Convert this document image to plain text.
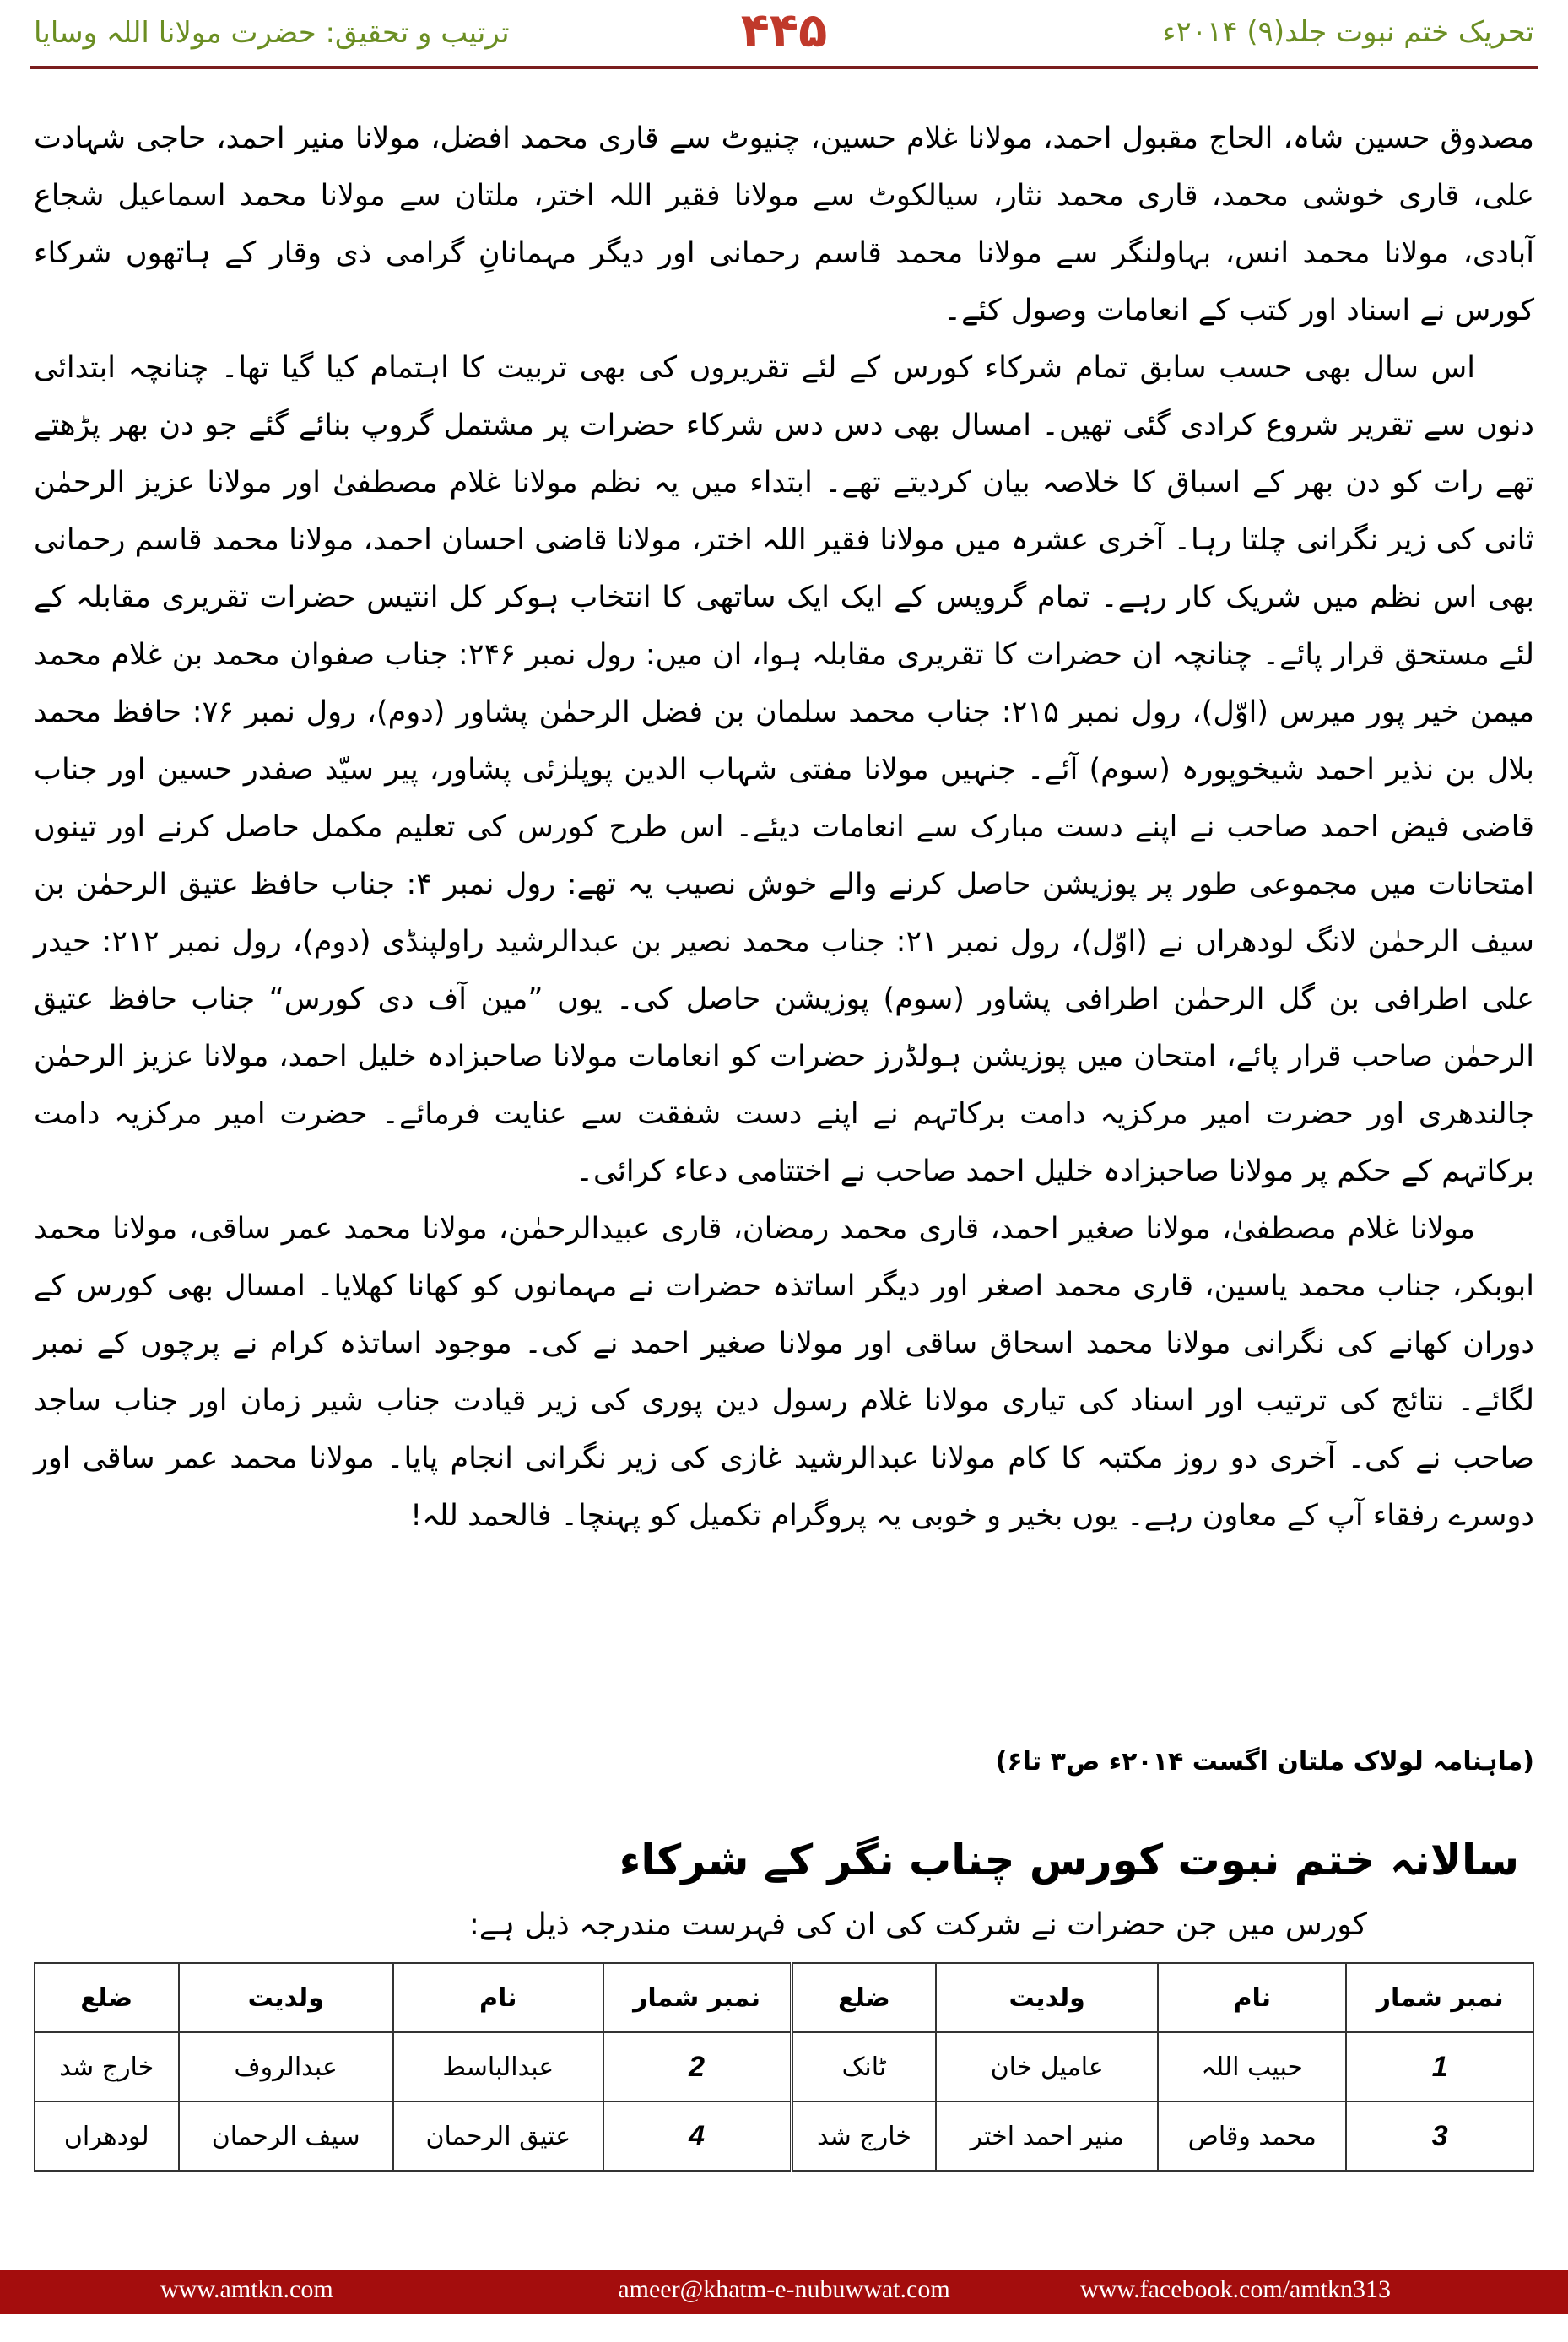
تحریک ختم نبوت جلد(۹) ۲۰۱۴ء
۴۴۵
ترتیب و تحقیق: حضرت مولانا اللہ وسایا

مصدوق حسین شاہ، الحاج مقبول احمد، مولانا غلام حسین، چنیوٹ سے قاری محمد افضل، مولانا منیر احمد، حاجی شہادت علی، قاری خوشی محمد، قاری محمد نثار، سیالکوٹ سے مولانا فقیر اللہ اختر، ملتان سے مولانا محمد اسماعیل شجاع آبادی، مولانا محمد انس، بہاولنگر سے مولانا محمد قاسم رحمانی اور دیگر مہمانانِ گرامی ذی وقار کے ہاتھوں شرکاء کورس نے اسناد اور کتب کے انعامات وصول کئے۔

اس سال بھی حسب سابق تمام شرکاء کورس کے لئے تقریروں کی بھی تربیت کا اہتمام کیا گیا تھا۔ چنانچہ ابتدائی دنوں سے تقریر شروع کرادی گئی تھیں۔ امسال بھی دس دس شرکاء حضرات پر مشتمل گروپ بنائے گئے جو دن بھر پڑھتے تھے رات کو دن بھر کے اسباق کا خلاصہ بیان کردیتے تھے۔ ابتداء میں یہ نظم مولانا غلام مصطفیٰ اور مولانا عزیز الرحمٰن ثانی کی زیر نگرانی چلتا رہا۔ آخری عشرہ میں مولانا فقیر اللہ اختر، مولانا قاضی احسان احمد، مولانا محمد قاسم رحمانی بھی اس نظم میں شریک کار رہے۔ تمام گروپس کے ایک ایک ساتھی کا انتخاب ہوکر کل انتیس حضرات تقریری مقابلہ کے لئے مستحق قرار پائے۔ چنانچہ ان حضرات کا تقریری مقابلہ ہوا، ان میں: رول نمبر ۲۴۶: جناب صفوان محمد بن غلام محمد میمن خیر پور میرس (اوّل)، رول نمبر ۲۱۵: جناب محمد سلمان بن فضل الرحمٰن پشاور (دوم)، رول نمبر ۷۶: حافظ محمد بلال بن نذیر احمد شیخوپورہ (سوم) آئے۔ جنہیں مولانا مفتی شہاب الدین پوپلزئی پشاور، پیر سیّد صفدر حسین اور جناب قاضی فیض احمد صاحب نے اپنے دست مبارک سے انعامات دیئے۔ اس طرح کورس کی تعلیم مکمل حاصل کرنے اور تینوں امتحانات میں مجموعی طور پر پوزیشن حاصل کرنے والے خوش نصیب یہ تھے: رول نمبر ۴: جناب حافظ عتیق الرحمٰن بن سیف الرحمٰن لانگ لودھراں نے (اوّل)، رول نمبر ۲۱: جناب محمد نصیر بن عبدالرشید راولپنڈی (دوم)، رول نمبر ۲۱۲: حیدر علی اطرافی بن گل الرحمٰن اطرافی پشاور (سوم) پوزیشن حاصل کی۔ یوں ”مین آف دی کورس“ جناب حافظ عتیق الرحمٰن صاحب قرار پائے، امتحان میں پوزیشن ہولڈرز حضرات کو انعامات مولانا صاحبزادہ خلیل احمد، مولانا عزیز الرحمٰن جالندھری اور حضرت امیر مرکزیہ دامت برکاتہم نے اپنے دست شفقت سے عنایت فرمائے۔ حضرت امیر مرکزیہ دامت برکاتہم کے حکم پر مولانا صاحبزادہ خلیل احمد صاحب نے اختتامی دعاء کرائی۔

مولانا غلام مصطفیٰ، مولانا صغیر احمد، قاری محمد رمضان، قاری عبیدالرحمٰن، مولانا محمد عمر ساقی، مولانا محمد ابوبکر، جناب محمد یاسین، قاری محمد اصغر اور دیگر اساتذہ حضرات نے مہمانوں کو کھانا کھلایا۔ امسال بھی کورس کے دوران کھانے کی نگرانی مولانا محمد اسحاق ساقی اور مولانا صغیر احمد نے کی۔ موجود اساتذہ کرام نے پرچوں کے نمبر لگائے۔ نتائج کی ترتیب اور اسناد کی تیاری مولانا غلام رسول دین پوری کی زیر قیادت جناب شیر زمان اور جناب ساجد صاحب نے کی۔ آخری دو روز مکتبہ کا کام مولانا عبدالرشید غازی کی زیر نگرانی انجام پایا۔ مولانا محمد عمر ساقی اور دوسرے رفقاء آپ کے معاون رہے۔ یوں بخیر و خوبی یہ پروگرام تکمیل کو پہنچا۔ فالحمد للہ!

(ماہنامہ لولاک ملتان اگست ۲۰۱۴ء ص۳ تا۶)
سالانہ ختم نبوت کورس چناب نگر کے شرکاء
کورس میں جن حضرات نے شرکت کی ان کی فہرست مندرجہ ذیل ہے:
نمبر شمار	نام	ولدیت	ضلع	نمبر شمار	نام	ولدیت	ضلع
1	حبیب اللہ	عامیل خان	ٹانک	2	عبدالباسط	عبدالروف	خارج شد
3	محمد وقاص	منیر احمد اختر	خارج شد	4	عتیق الرحمان	سیف الرحمان	لودھراں
www.amtkn.com	ameer@khatm-e-nubuwwat.com	www.facebook.com/amtkn313
